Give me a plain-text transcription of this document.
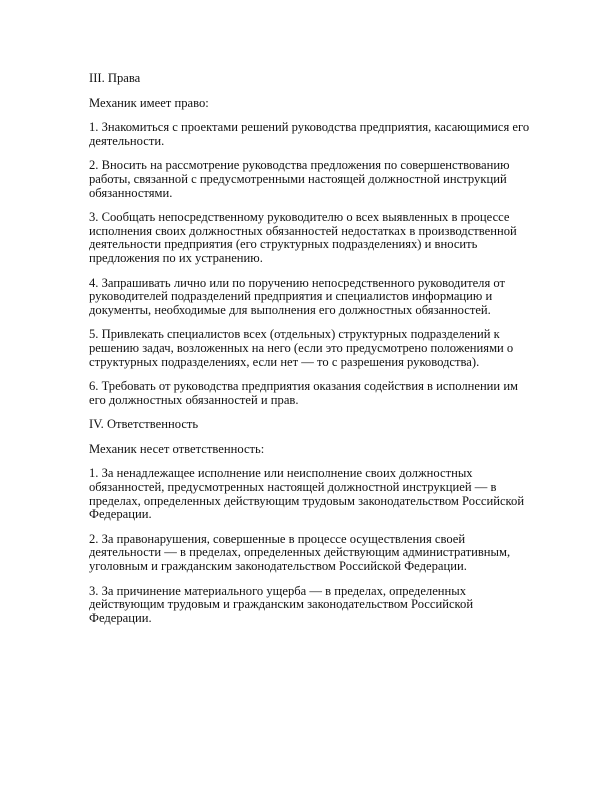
III. Права

Механик имеет право:

1. Знакомиться с проектами решений руководства предприятия, касающимися его деятельности.

2. Вносить на рассмотрение руководства предложения по совершенствованию работы, связанной с предусмотренными настоящей должностной инструкций обязанностями.

3. Сообщать непосредственному руководителю о всех выявленных в процессе исполнения своих должностных обязанностей недостатках в производственной деятельности предприятия (его структурных подразделениях) и вносить предложения по их устранению.

4. Запрашивать лично или по поручению непосредственного руководителя от руководителей подразделений предприятия и специалистов информацию и документы, необходимые для выполнения его должностных обязанностей.

5. Привлекать специалистов всех (отдельных) структурных подразделений к решению задач, возложенных на него (если это предусмотрено положениями о структурных подразделениях, если нет — то с разрешения руководства).

6. Требовать от руководства предприятия оказания содействия в исполнении им его должностных обязанностей и прав.

IV. Ответственность

Механик несет ответственность:

1. За ненадлежащее исполнение или неисполнение своих должностных обязанностей, предусмотренных настоящей должностной инструкцией — в пределах, определенных действующим трудовым законодательством Российской Федерации.

2. За правонарушения, совершенные в процессе осуществления своей деятельности — в пределах, определенных действующим административным, уголовным и гражданским законодательством Российской Федерации.

3. За причинение материального ущерба — в пределах, определенных действующим трудовым и гражданским законодательством Российской Федерации.
